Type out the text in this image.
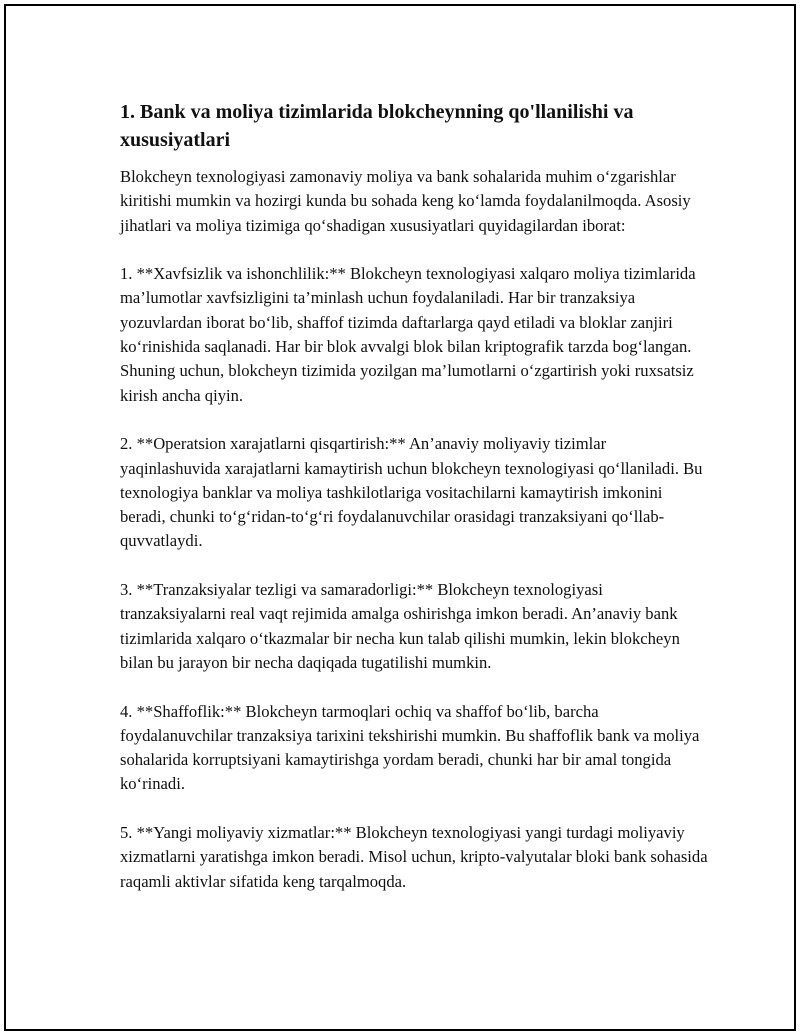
1. Bank va moliya tizimlarida blokcheynning qo'llanilishi va xususiyatlari

Blokcheyn texnologiyasi zamonaviy moliya va bank sohalarida muhim o‘zgarishlar kiritishi mumkin va hozirgi kunda bu sohada keng ko‘lamda foydalanilmoqda. Asosiy jihatlari va moliya tizimiga qo‘shadigan xususiyatlari quyidagilardan iborat:

1. **Xavfsizlik va ishonchlilik:** Blokcheyn texnologiyasi xalqaro moliya tizimlarida ma’lumotlar xavfsizligini ta’minlash uchun foydalaniladi. Har bir tranzaksiya yozuvlardan iborat bo‘lib, shaffof tizimda daftarlarga qayd etiladi va bloklar zanjiri ko‘rinishida saqlanadi. Har bir blok avvalgi blok bilan kriptografik tarzda bog‘langan. Shuning uchun, blokcheyn tizimida yozilgan ma’lumotlarni o‘zgartirish yoki ruxsatsiz kirish ancha qiyin.

2. **Operatsion xarajatlarni qisqartirish:** An’anaviy moliyaviy tizimlar yaqinlashuvida xarajatlarni kamaytirish uchun blokcheyn texnologiyasi qo‘llaniladi. Bu texnologiya banklar va moliya tashkilotlariga vositachilarni kamaytirish imkonini beradi, chunki to‘g‘ridan-to‘g‘ri foydalanuvchilar orasidagi tranzaksiyani qo‘llab-quvvatlaydi.

3. **Tranzaksiyalar tezligi va samaradorligi:** Blokcheyn texnologiyasi tranzaksiyalarni real vaqt rejimida amalga oshirishga imkon beradi. An’anaviy bank tizimlarida xalqaro o‘tkazmalar bir necha kun talab qilishi mumkin, lekin blokcheyn bilan bu jarayon bir necha daqiqada tugatilishi mumkin.

4. **Shaffoflik:** Blokcheyn tarmoqlari ochiq va shaffof bo‘lib, barcha foydalanuvchilar tranzaksiya tarixini tekshirishi mumkin. Bu shaffoflik bank va moliya sohalarida korruptsiyani kamaytirishga yordam beradi, chunki har bir amal tongida ko‘rinadi.

5. **Yangi moliyaviy xizmatlar:** Blokcheyn texnologiyasi yangi turdagi moliyaviy xizmatlarni yaratishga imkon beradi. Misol uchun, kripto-valyutalar bloki bank sohasida raqamli aktivlar sifatida keng tarqalmoqda.
